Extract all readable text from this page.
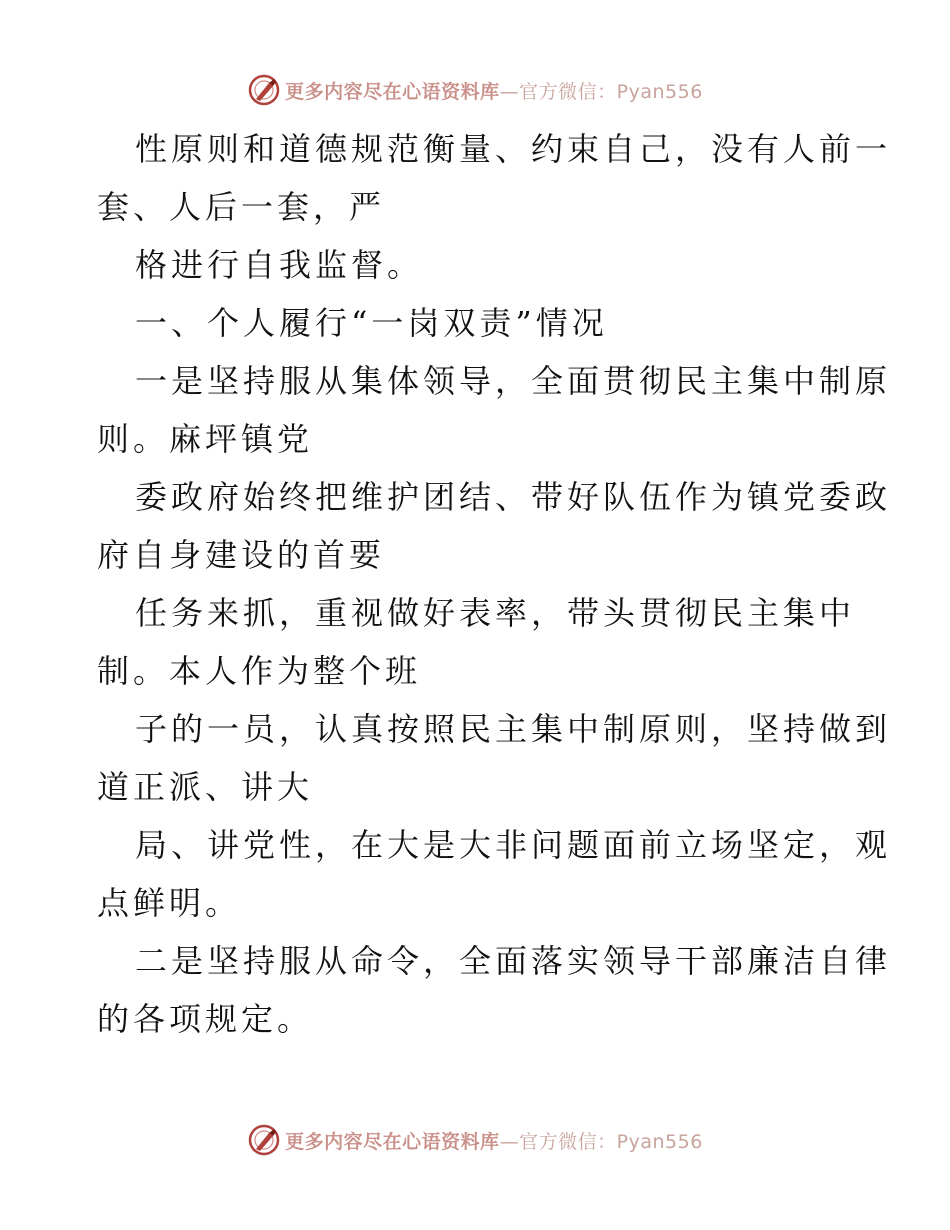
更多内容尽在心语资料库—官方微信：Pyan556
性原则和道德规范衡量、约束自己，没有人前一
套、人后一套，严
格进行自我监督。
一、个人履行“一岗双责”情况
一是坚持服从集体领导，全面贯彻民主集中制原
则。麻坪镇党
委政府始终把维护团结、带好队伍作为镇党委政
府自身建设的首要
任务来抓，重视做好表率，带头贯彻民主集中
制。本人作为整个班
子的一员，认真按照民主集中制原则，坚持做到
道正派、讲大
局、讲党性，在大是大非问题面前立场坚定，观
点鲜明。
二是坚持服从命令，全面落实领导干部廉洁自律
的各项规定。
更多内容尽在心语资料库—官方微信：Pyan556
